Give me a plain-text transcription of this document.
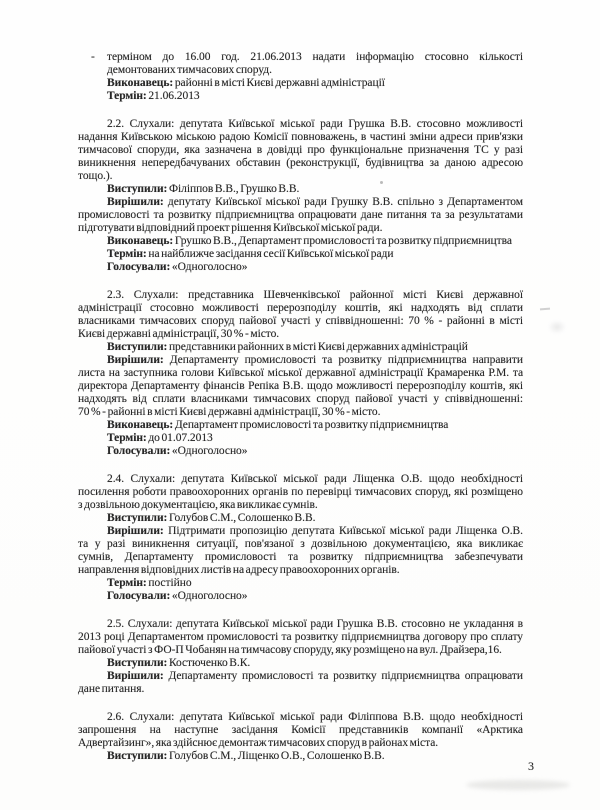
- терміном до 16.00 год. 21.06.2013 надати інформацію стосовно кількості
демонтованих тимчасових споруд.
Виконавець: районні в місті Києві державні адміністрації
Термін: 21.06.2013
2.2. Слухали: депутата Київської міської ради Грушка В.В. стосовно можливості
надання Київською міською радою Комісії повноважень, в частині зміни адреси прив'язки
тимчасової споруди, яка зазначена в довідці про функціональне призначення ТС у разі
виникнення непередбачуваних обставин (реконструкції, будівництва за даною адресою
тощо.).
Виступили: Філіппов В.В., Грушко В.В.
Вирішили: депутату Київської міської ради Грушку В.В. спільно з Департаментом
промисловості та розвитку підприємництва опрацювати дане питання та за результатами
підготувати відповідний проект рішення Київської міської ради.
Виконавець: Грушко В.В., Департамент промисловості та розвитку підприємництва
Термін: на найближче засідання сесії Київської міської ради
Голосували: «Одноголосно»
2.3. Слухали: представника Шевченківської районної місті Києві державної
адміністрації стосовно можливості перерозподілу коштів, які надходять від сплати
власниками тимчасових споруд пайової участі у співвідношенні: 70 % - районні в місті
Києві державні адміністрації, 30 % - місто.
Виступили: представники районних в місті Києві державних адміністрацій
Вирішили: Департаменту промисловості та розвитку підприємництва направити
листа на заступника голови Київської міської державної адміністрації Крамаренка Р.М. та
директора Департаменту фінансів Репіка В.В. щодо можливості перерозподілу коштів, які
надходять від сплати власниками тимчасових споруд пайової участі у співвідношенні:
70 % - районні в місті Києві державні адміністрації, 30 % - місто.
Виконавець: Департамент промисловості та розвитку підприємництва
Термін: до 01.07.2013
Голосували: «Одноголосно»
2.4. Слухали: депутата Київської міської ради Ліщенка О.В. щодо необхідності
посилення роботи правоохоронних органів по перевірці тимчасових споруд, які розміщено
з дозвільною документацією, яка викликає сумнів.
Виступили: Голубов С.М., Солошенко В.В.
Вирішили: Підтримати пропозицію депутата Київської міської ради Ліщенка О.В.
та у разі виникнення ситуації, пов'язаної з дозвільною документацією, яка викликає
сумнів, Департаменту промисловості та розвитку підприємництва забезпечувати
направлення відповідних листів на адресу правоохоронних органів.
Термін: постійно
Голосували: «Одноголосно»
2.5. Слухали: депутата Київської міської ради Грушка В.В. стосовно не укладання в
2013 році Департаментом промисловості та розвитку підприємництва договору про сплату
пайової участі з ФО-П Чобанян на тимчасову споруду, яку розміщено на вул. Драйзера,16.
Виступили: Костюченко В.К.
Вирішили: Департаменту промисловості та розвитку підприємництва опрацювати
дане питання.
2.6. Слухали: депутата Київської міської ради Філіппова В.В. щодо необхідності
запрошення на наступне засідання Комісії представників компанії «Арктика
Адвертайзинг», яка здійснює демонтаж тимчасових споруд в районах міста.
Виступили: Голубов С.М., Ліщенко О.В., Солошенко В.В.
3
